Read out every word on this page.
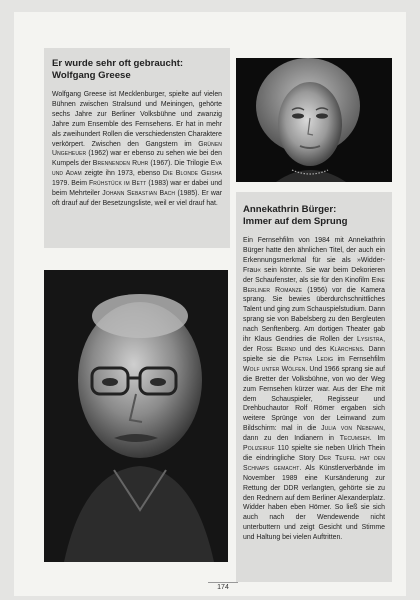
Er wurde sehr oft gebraucht:
Wolfgang Greese

Wolfgang Greese ist Mecklenburger, spielte auf vielen Bühnen zwischen Stralsund und Meiningen, gehörte sechs Jahre zur Berliner Volksbühne und zwanzig Jahre zum Ensemble des Fernsehens. Er hat in mehr als zweihundert Rollen die verschiedensten Charaktere verkörpert. Zwischen den Gangstern im Grünen Ungeheuer (1962) war er ebenso zu sehen wie bei den Kumpels der Brennenden Ruhr (1967). Die Trilogie Eva und Adam zeigte ihn 1973, ebenso Die Blonde Geisha 1979. Beim Frühstück im Bett (1983) war er dabei und beim Mehrteiler Johann Sebastian Bach (1985). Er war oft drauf auf der Besetzungsliste, weil er viel drauf hat.

Annekathrin Bürger:
Immer auf dem Sprung

Ein Fernsehfilm von 1984 mit Annekathrin Bürger hatte den ähnlichen Titel, der auch ein Erkennungsmerkmal für sie als »Widder-Frau« sein könnte. Sie war beim Dekorieren der Schaufenster, als sie für den Kinofilm Eine Berliner Romanze (1956) vor die Kamera sprang. Sie bewies überdurchschnittliches Talent und ging zum Schauspielstudium. Dann sprang sie von Babelsberg zu den Bergleuten nach Senftenberg. Am dortigen Theater gab ihr Klaus Gendries die Rollen der Lysistra, der Rose Bernd und des Klärchens. Dann spielte sie die Petra Ledig im Fernsehfilm Wolf unter Wölfen. Und 1966 sprang sie auf die Bretter der Volksbühne, von wo der Weg zum Fernsehen kürzer war. Aus der Ehe mit dem Schauspieler, Regisseur und Drehbuchautor Rolf Römer ergaben sich weitere Sprünge von der Leinwand zum Bildschirm: mal in die Julia von Nebenan, dann zu den Indianern in Tecumseh. Im Polizeiruf 110 spielte sie neben Ulrich Thein die eindringliche Story Der Teufel hat den Schnaps gemacht. Als Künstlerverbände im November 1989 eine Kursänderung zur Rettung der DDR verlangten, gehörte sie zu den Rednern auf dem Berliner Alexanderplatz. Widder haben eben Hörner. So ließ sie sich auch nach der Wendewende nicht unterbuttern und zeigt Gesicht und Stimme und Haltung bei vielen Auftritten.

174
